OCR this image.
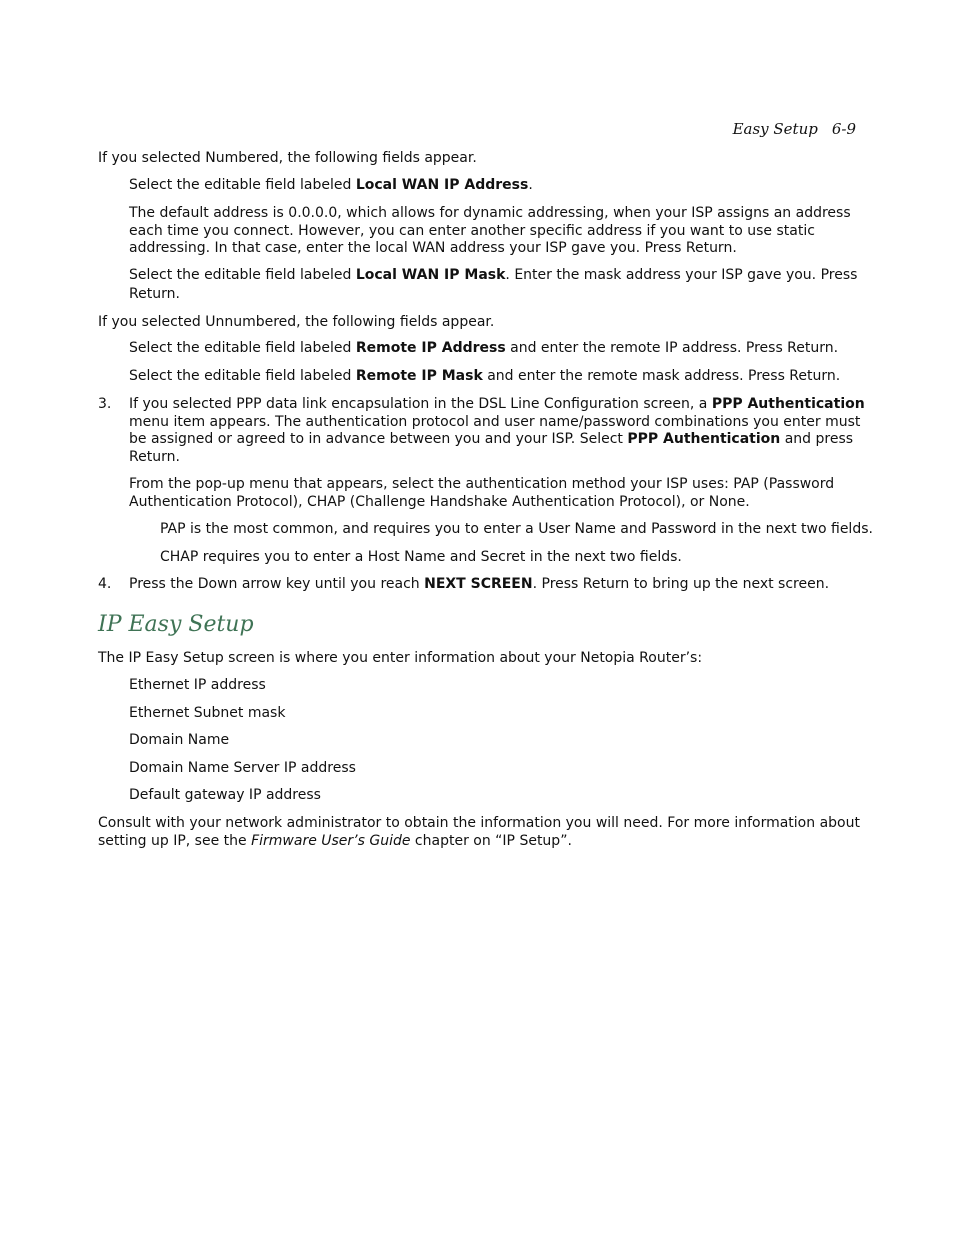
Easy Setup 6-9
If you selected Numbered, the following fields appear.
Select the editable field labeled Local WAN IP Address.
The default address is 0.0.0.0, which allows for dynamic addressing, when your ISP assigns an address
each time you connect. However, you can enter another specific address if you want to use static
addressing. In that case, enter the local WAN address your ISP gave you. Press Return.
Select the editable field labeled Local WAN IP Mask. Enter the mask address your ISP gave you. Press
Return.
If you selected Unnumbered, the following fields appear.
Select the editable field labeled Remote IP Address and enter the remote IP address. Press Return.
Select the editable field labeled Remote IP Mask and enter the remote mask address. Press Return.
3. If you selected PPP data link encapsulation in the DSL Line Configuration screen, a PPP Authentication
menu item appears. The authentication protocol and user name/password combinations you enter must
be assigned or agreed to in advance between you and your ISP. Select PPP Authentication and press
Return.
From the pop-up menu that appears, select the authentication method your ISP uses: PAP (Password
Authentication Protocol), CHAP (Challenge Handshake Authentication Protocol), or None.
PAP is the most common, and requires you to enter a User Name and Password in the next two fields.
CHAP requires you to enter a Host Name and Secret in the next two fields.
4. Press the Down arrow key until you reach NEXT SCREEN. Press Return to bring up the next screen.
IP Easy Setup
The IP Easy Setup screen is where you enter information about your Netopia Router’s:
Ethernet IP address
Ethernet Subnet mask
Domain Name
Domain Name Server IP address
Default gateway IP address
Consult with your network administrator to obtain the information you will need. For more information about
setting up IP, see the Firmware User’s Guide chapter on “IP Setup”.
